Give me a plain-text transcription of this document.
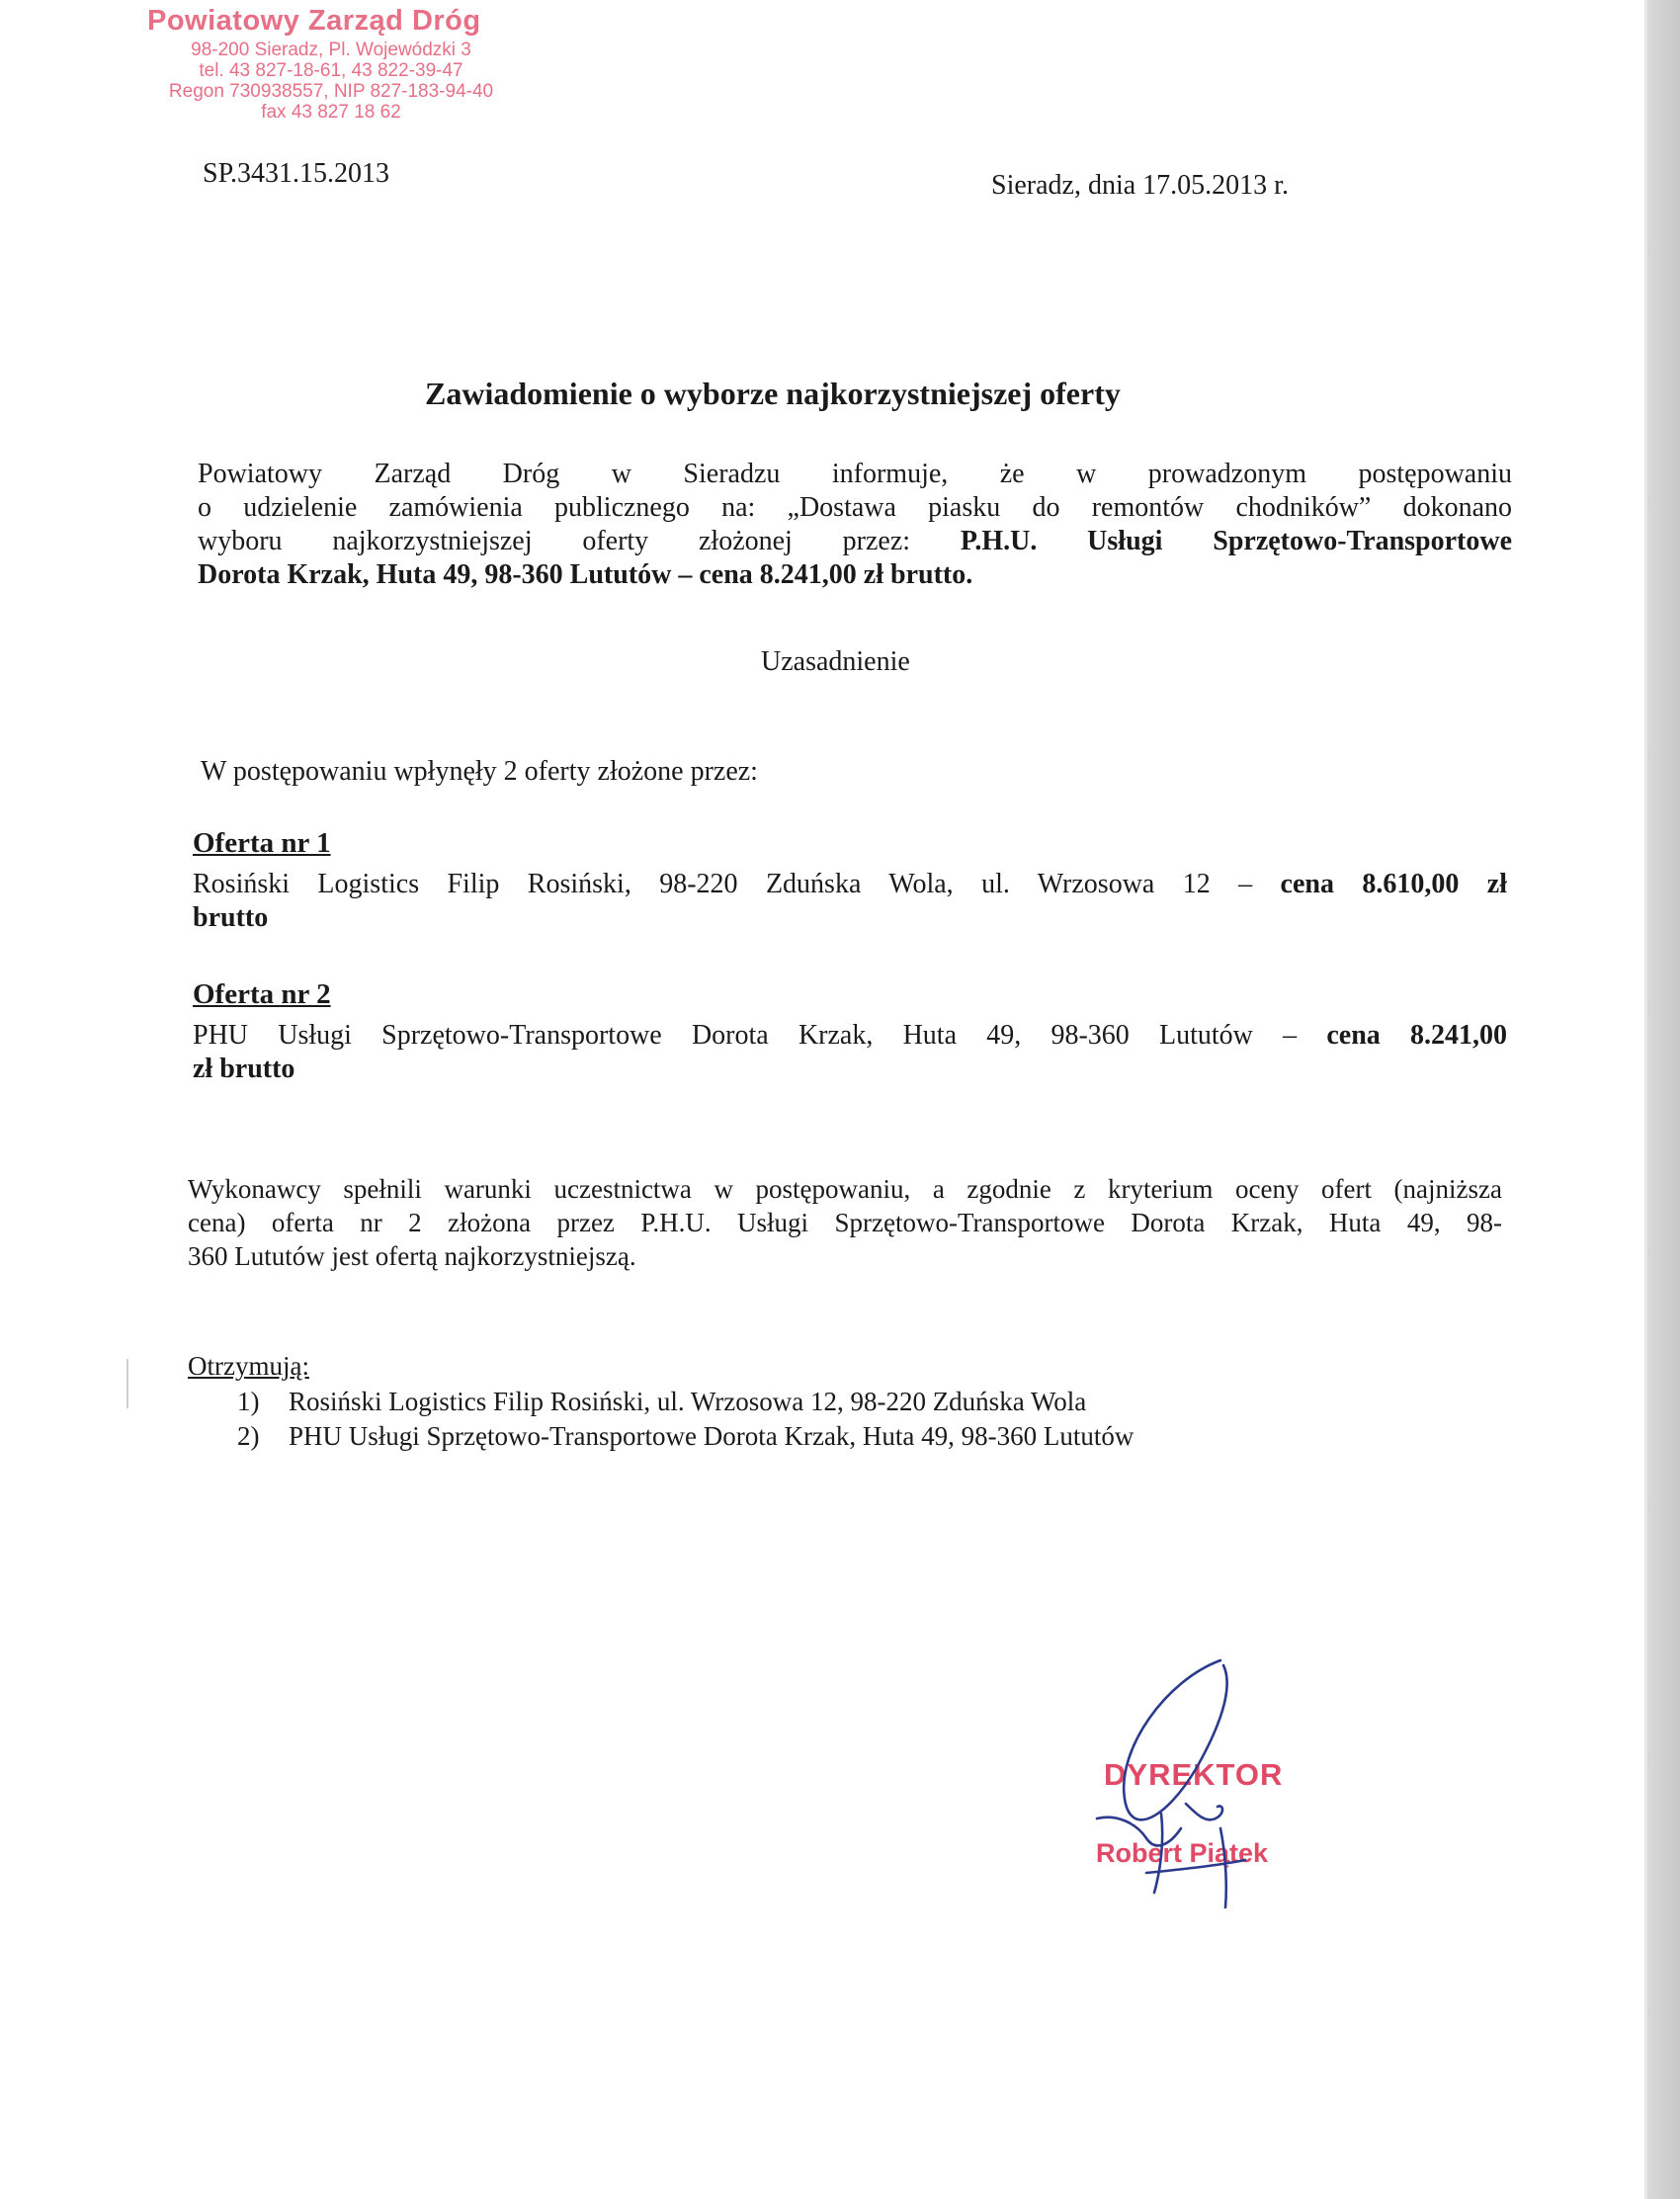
Powiatowy Zarząd Dróg

98-200 Sieradz, Pl. Wojewódzki 3

tel. 43 827-18-61, 43 822-39-47

Regon 730938557, NIP 827-183-94-40

fax 43 827 18 62

SP.3431.15.2013	Sieradz, dnia 17.05.2013 r.
Zawiadomienie o wyborze najkorzystniejszej oferty
Powiatowy Zarząd Dróg w Sieradzu informuje, że w prowadzonym postępowaniu
o udzielenie zamówienia publicznego na: „Dostawa piasku do remontów chodników” dokonano
wyboru najkorzystniejszej oferty złożonej przez: P.H.U. Usługi Sprzętowo-Transportowe
Dorota Krzak, Huta 49, 98-360 Lututów – cena 8.241,00 zł brutto.
Uzasadnienie
W postępowaniu wpłynęły 2 oferty złożone przez:
Oferta nr 1
Rosiński Logistics Filip Rosiński, 98-220 Zduńska Wola, ul. Wrzosowa 12 – cena 8.610,00 zł
brutto
Oferta nr 2
PHU Usługi Sprzętowo-Transportowe Dorota Krzak, Huta 49, 98-360 Lututów – cena 8.241,00
zł brutto
Wykonawcy spełnili warunki uczestnictwa w postępowaniu, a zgodnie z kryterium oceny ofert (najniższa
cena) oferta nr 2 złożona przez P.H.U. Usługi Sprzętowo-Transportowe Dorota Krzak, Huta 49, 98-
360 Lututów jest ofertą najkorzystniejszą.
Otrzymują:
1) Rosiński Logistics Filip Rosiński, ul. Wrzosowa 12, 98-220 Zduńska Wola
2) PHU Usługi Sprzętowo-Transportowe Dorota Krzak, Huta 49, 98-360 Lututów
DYREKTOR
Robert Piątek
